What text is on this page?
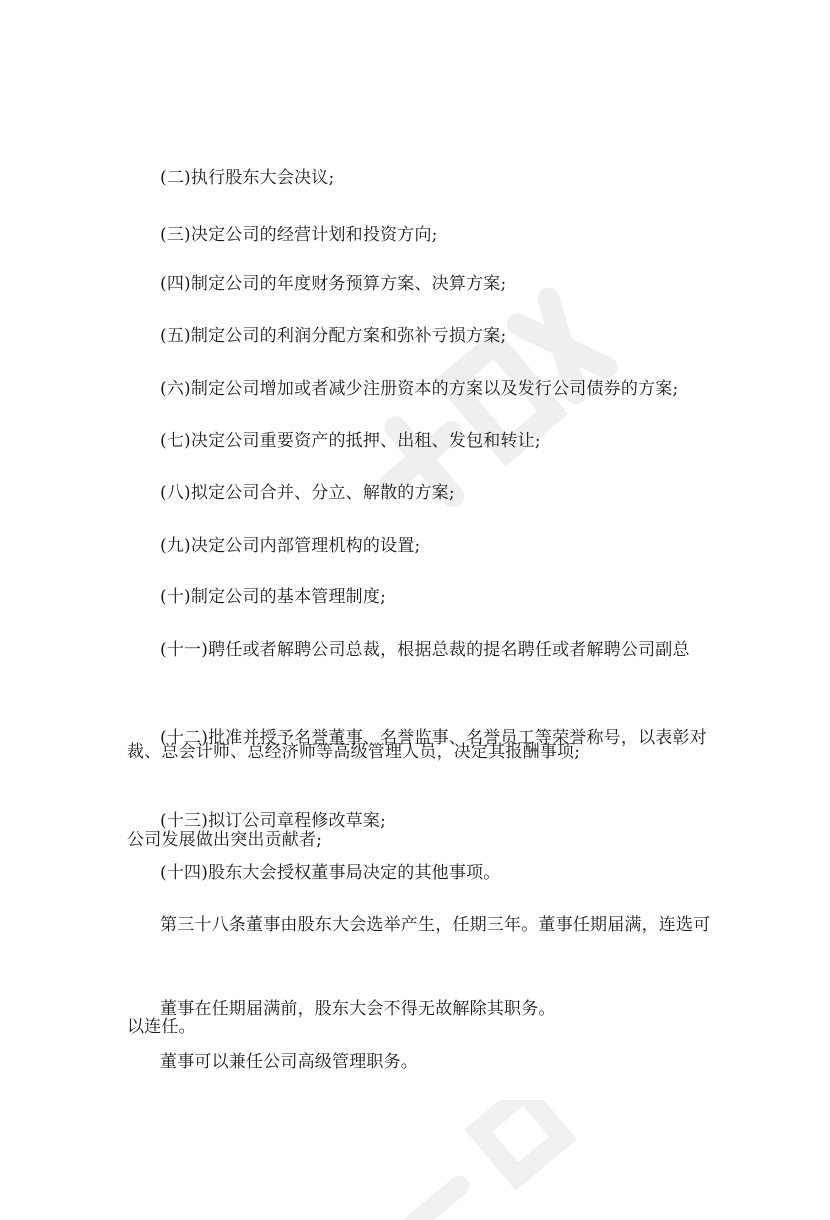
(二)执行股东大会决议;

(三)决定公司的经营计划和投资方向;

(四)制定公司的年度财务预算方案、决算方案;

(五)制定公司的利润分配方案和弥补亏损方案;

(六)制定公司增加或者减少注册资本的方案以及发行公司债券的方案;

(七)决定公司重要资产的抵押、出租、发包和转让;

(八)拟定公司合并、分立、解散的方案;

(九)决定公司内部管理机构的设置;

(十)制定公司的基本管理制度;

(十一)聘任或者解聘公司总裁，根据总裁的提名聘任或者解聘公司副总

裁、总会计师、总经济师等高级管理人员，决定其报酬事项;

(十二)批准并授予名誉董事、名誉监事、名誉员工等荣誉称号，以表彰对

公司发展做出突出贡献者;

(十三)拟订公司章程修改草案;

(十四)股东大会授权董事局决定的其他事项。

第三十八条董事由股东大会选举产生，任期三年。董事任期届满，连选可

以连任。

董事在任期届满前，股东大会不得无故解除其职务。

董事可以兼任公司高级管理职务。
